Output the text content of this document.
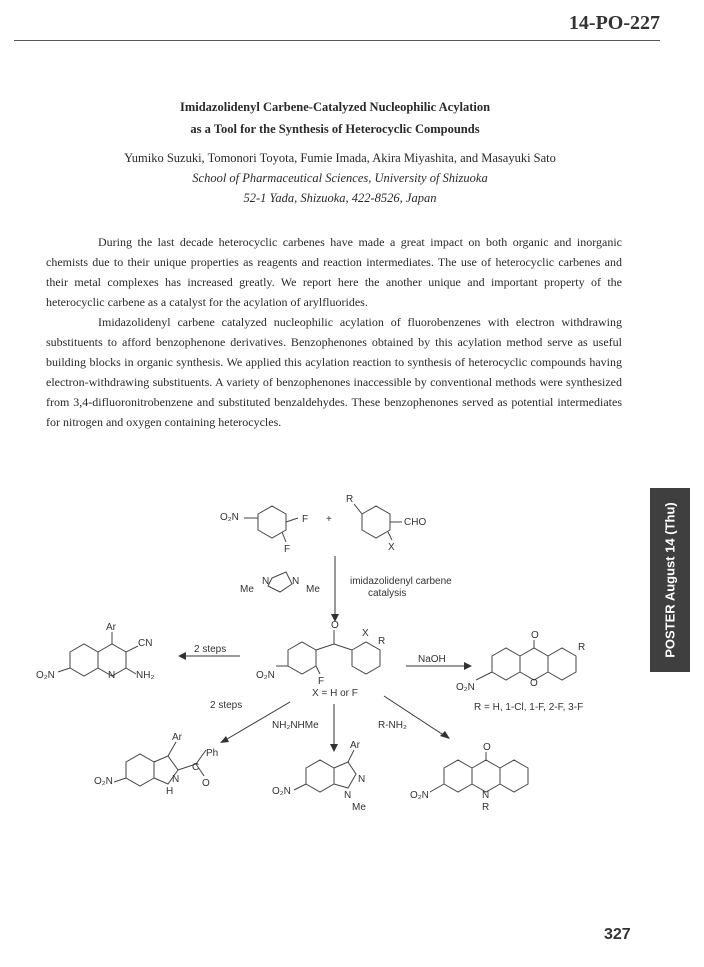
14-PO-227
Imidazolidenyl Carbene-Catalyzed Nucleophilic Acylation
as a Tool for the Synthesis of Heterocyclic Compounds
Yumiko Suzuki, Tomonori Toyota, Fumie Imada, Akira Miyashita, and Masayuki Sato
School of Pharmaceutical Sciences, University of Shizuoka
52-1 Yada, Shizuoka, 422-8526, Japan

During the last decade heterocyclic carbenes have made a great impact on both organic and inorganic chemists due to their unique properties as reagents and reaction intermediates. The use of heterocyclic carbenes and their metal complexes has increased greatly. We report here the another unique and important property of the heterocyclic carbene as a catalyst for the acylation of arylfluorides.

Imidazolidenyl carbene catalyzed nucleophilic acylation of fluorobenzenes with electron withdrawing substituents to afford benzophenone derivatives. Benzophenones obtained by this acylation method serve as useful building blocks in organic synthesis. We applied this acylation reaction to synthesis of heterocyclic compounds having electron-withdrawing substituents. A variety of benzophenones inaccessible by conventional methods were synthesized from 3,4-difluoronitrobenzene and substituted benzaldehydes. These benzophenones served as potential intermediates for nitrogen and oxygen containing heterocycles.

O₂N	F
F
+
R
CHO
X
Me
N N
Me
imidazolidenyl carbene
catalysis
O
X
R
O₂N
F
X = H or F
2 steps
Ar
CN
O₂N	N NH₂
NaOH
O
O
O₂N
R
R = H, 1-Cl, 1-F, 2-F, 3-F
2 steps
NH₂NHMe	R-NH₂
Ar
Ph
C
O
N
H
O₂N
Ar
N
N
Me
O₂N
O
N
R
O₂N
POSTER August 14 (Thu)
327
